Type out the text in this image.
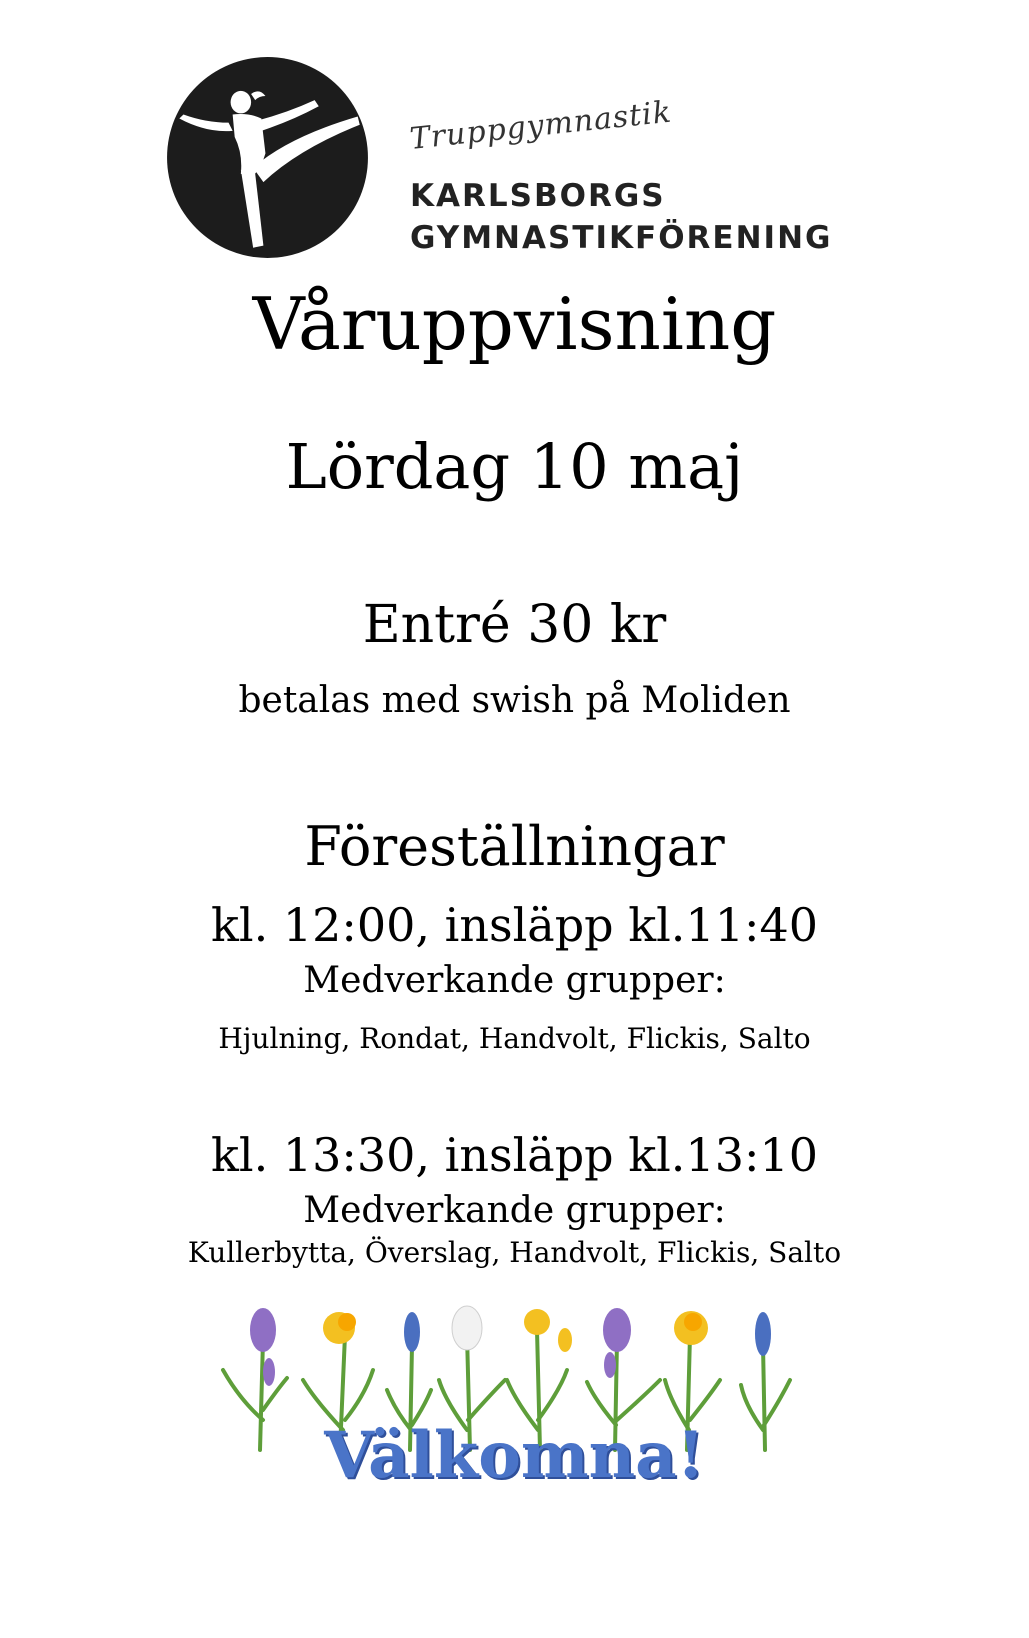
Truppgymnastik
KARLSBORGS
GYMNASTIKFÖRENING
Våruppvisning
Lördag 10 maj
Entré 30 kr
betalas med swish på Moliden
Föreställningar
kl. 12:00, insläpp kl.11:40
Medverkande grupper:
Hjulning, Rondat, Handvolt, Flickis, Salto
kl. 13:30, insläpp kl.13:10
Medverkande grupper:
Kullerbytta, Överslag, Handvolt, Flickis, Salto
Välkomna!
